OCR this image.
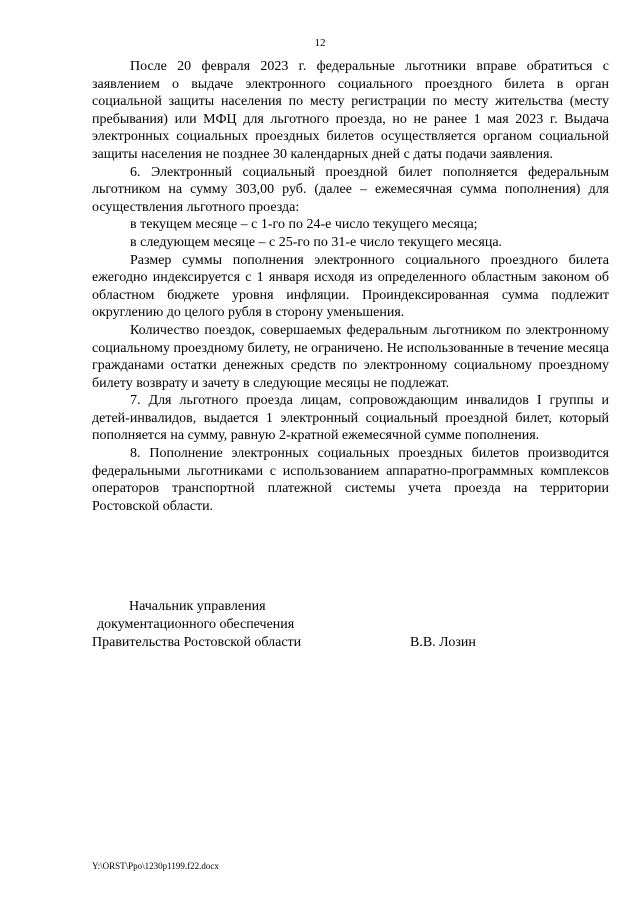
12

После 20 февраля 2023 г. федеральные льготники вправе обратиться с заявлением о выдаче электронного социального проездного билета в орган социальной защиты населения по месту регистрации по месту жительства (месту пребывания) или МФЦ для льготного проезда, но не ранее 1 мая 2023 г. Выдача электронных социальных проездных билетов осуществляется органом социальной защиты населения не позднее 30 календарных дней с даты подачи заявления.

6. Электронный социальный проездной билет пополняется федеральным льготником на сумму 303,00 руб. (далее – ежемесячная сумма пополнения) для осуществления льготного проезда:

в текущем месяце – с 1-го по 24-е число текущего месяца;

в следующем месяце – с 25-го по 31-е число текущего месяца.

Размер суммы пополнения электронного социального проездного билета ежегодно индексируется с 1 января исходя из определенного областным законом об областном бюджете уровня инфляции. Проиндексированная сумма подлежит округлению до целого рубля в сторону уменьшения.

Количество поездок, совершаемых федеральным льготником по электронному социальному проездному билету, не ограничено. Не использованные в течение месяца гражданами остатки денежных средств по электронному социальному проездному билету возврату и зачету в следующие месяцы не подлежат.

7. Для льготного проезда лицам, сопровождающим инвалидов I группы и детей-инвалидов, выдается 1 электронный социальный проездной билет, который пополняется на сумму, равную 2-кратной ежемесячной сумме пополнения.

8. Пополнение электронных социальных проездных билетов производится федеральными льготниками с использованием аппаратно-программных комплексов операторов транспортной платежной системы учета проезда на территории Ростовской области.

Начальник управления
документационного обеспечения
Правительства Ростовской области	В.В. Лозин
Y:\ORST\Ppo\1230p1199.f22.docx
